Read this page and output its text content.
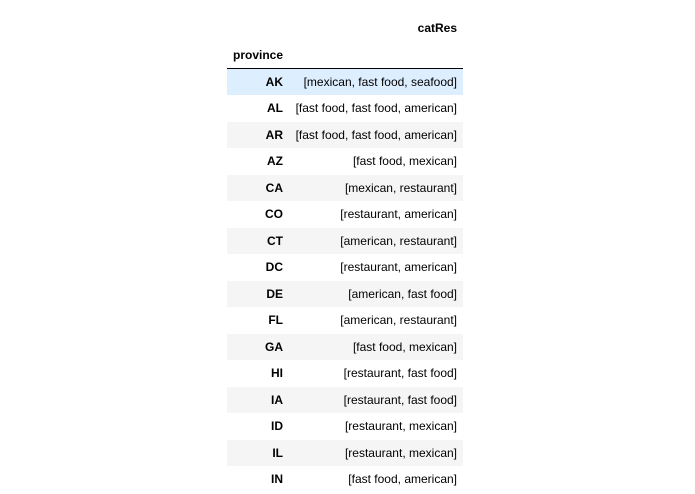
	catRes
province	
AK	[mexican, fast food, seafood]
AL	[fast food, fast food, american]
AR	[fast food, fast food, american]
AZ	[fast food, mexican]
CA	[mexican, restaurant]
CO	[restaurant, american]
CT	[american, restaurant]
DC	[restaurant, american]
DE	[american, fast food]
FL	[american, restaurant]
GA	[fast food, mexican]
HI	[restaurant, fast food]
IA	[restaurant, fast food]
ID	[restaurant, mexican]
IL	[restaurant, mexican]
IN	[fast food, american]
